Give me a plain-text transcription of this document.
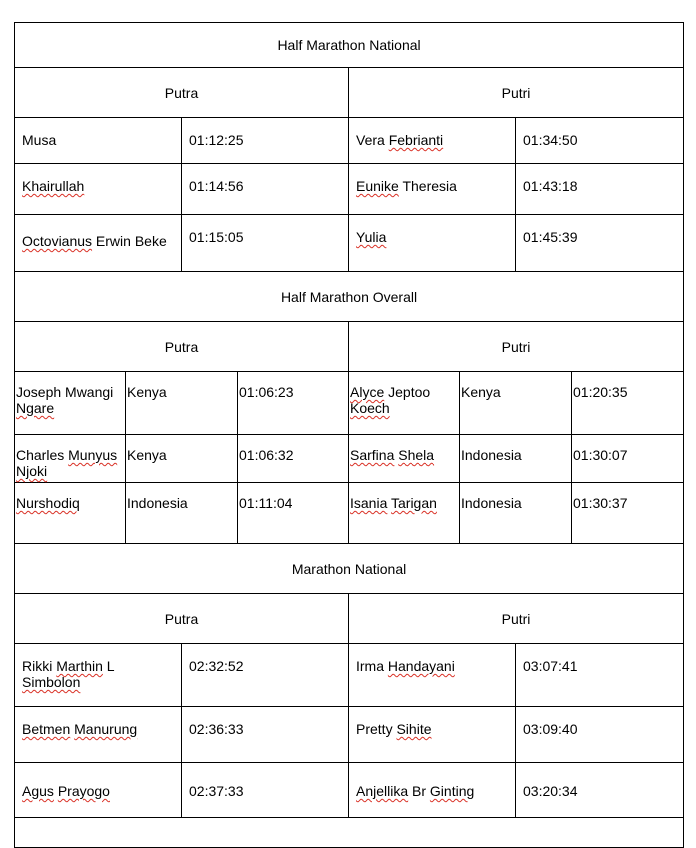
Half Marathon National							
Putra				Putri			
Musa		01:12:25		Vera Febrianti		01:34:50	
Khairullah		01:14:56		Eunike Theresia		01:43:18	
Octovianus Erwin Beke		01:15:05		Yulia		01:45:39	
Half Marathon Overall							
Putra				Putri			
Joseph Mwangi Ngare	Kenya		01:06:23	Alyce Jeptoo Koech	Kenya		01:20:35
Charles Munyus Njoki	Kenya		01:06:32	Sarfina Shela	Indonesia		01:30:07
Nurshodiq	Indonesia		01:11:04	Isania Tarigan	Indonesia		01:30:37
Marathon National							
Putra				Putri			
Rikki Marthin L Simbolon		02:32:52		Irma Handayani		03:07:41	
Betmen Manurung		02:36:33		Pretty Sihite		03:09:40	
Agus Prayogo		02:37:33		Anjellika Br Ginting		03:20:34	
